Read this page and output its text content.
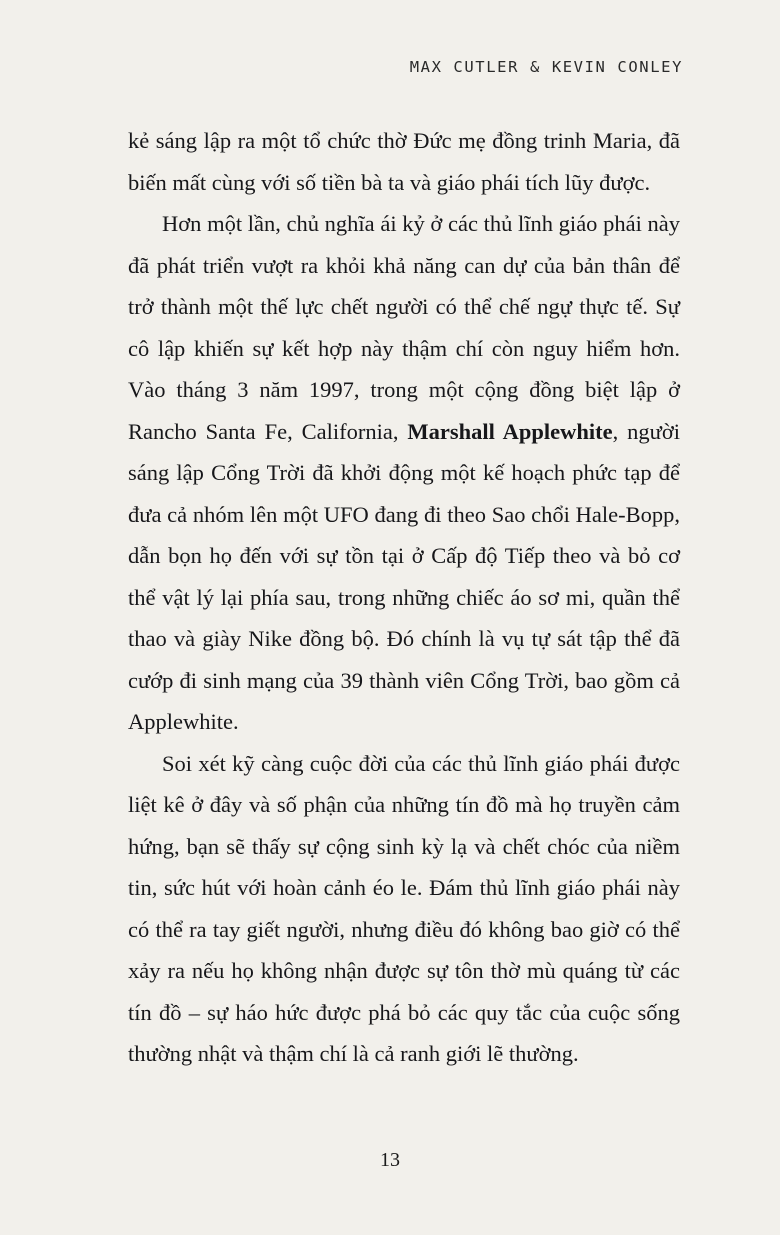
MAX CUTLER & KEVIN CONLEY

kẻ sáng lập ra một tổ chức thờ Đức mẹ đồng trinh Maria, đã biến mất cùng với số tiền bà ta và giáo phái tích lũy được.

Hơn một lần, chủ nghĩa ái kỷ ở các thủ lĩnh giáo phái này đã phát triển vượt ra khỏi khả năng can dự của bản thân để trở thành một thế lực chết người có thể chế ngự thực tế. Sự cô lập khiến sự kết hợp này thậm chí còn nguy hiểm hơn. Vào tháng 3 năm 1997, trong một cộng đồng biệt lập ở Rancho Santa Fe, California, Marshall Applewhite, người sáng lập Cổng Trời đã khởi động một kế hoạch phức tạp để đưa cả nhóm lên một UFO đang đi theo Sao chổi Hale-Bopp, dẫn bọn họ đến với sự tồn tại ở Cấp độ Tiếp theo và bỏ cơ thể vật lý lại phía sau, trong những chiếc áo sơ mi, quần thể thao và giày Nike đồng bộ. Đó chính là vụ tự sát tập thể đã cướp đi sinh mạng của 39 thành viên Cổng Trời, bao gồm cả Applewhite.

Soi xét kỹ càng cuộc đời của các thủ lĩnh giáo phái được liệt kê ở đây và số phận của những tín đồ mà họ truyền cảm hứng, bạn sẽ thấy sự cộng sinh kỳ lạ và chết chóc của niềm tin, sức hút với hoàn cảnh éo le. Đám thủ lĩnh giáo phái này có thể ra tay giết người, nhưng điều đó không bao giờ có thể xảy ra nếu họ không nhận được sự tôn thờ mù quáng từ các tín đồ – sự háo hức được phá bỏ các quy tắc của cuộc sống thường nhật và thậm chí là cả ranh giới lẽ thường.

13
